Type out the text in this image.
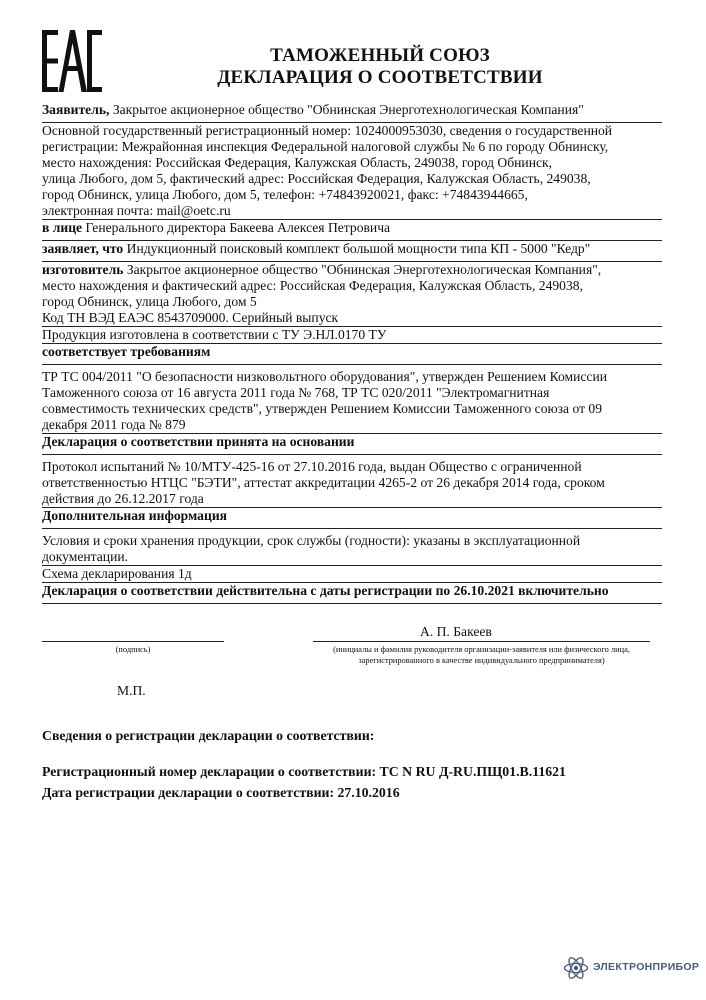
ТАМОЖЕННЫЙ СОЮЗ
ДЕКЛАРАЦИЯ О СООТВЕТСТВИИ

Заявитель, Закрытое акционерное общество "Обнинская Энерготехнологическая Компания"

Основной государственный регистрационный номер: 1024000953030, сведения о государственной

регистрации: Межрайонная инспекция Федеральной налоговой службы № 6 по городу Обнинску,

место нахождения: Российская Федерация, Калужская Область, 249038, город Обнинск,

улица Любого, дом 5, фактический адрес: Российская Федерация, Калужская Область, 249038,

город Обнинск, улица Любого, дом 5, телефон: +74843920021, факс: +74843944665,

электронная почта: mail@oetc.ru

в лице Генерального директора Бакеева Алексея Петровича

заявляет, что Индукционный поисковый комплект большой мощности типа КП - 5000 "Кедр"

изготовитель Закрытое акционерное общество "Обнинская Энерготехнологическая Компания",

место нахождения и фактический адрес: Российская Федерация, Калужская Область, 249038,

город Обнинск, улица Любого, дом 5

Код ТН ВЭД ЕАЭС 8543709000. Серийный выпуск

Продукция изготовлена в соответствии с ТУ Э.НЛ.0170 ТУ

соответствует требованиям

ТР ТС 004/2011 "О безопасности низковольтного оборудования", утвержден Решением Комиссии

Таможенного союза от 16 августа 2011 года № 768, ТР ТС 020/2011 "Электромагнитная

совместимость технических средств", утвержден Решением Комиссии Таможенного союза от 09

декабря 2011 года № 879

Декларация о соответствии принята на основании

Протокол испытаний № 10/МТУ-425-16 от 27.10.2016 года, выдан Общество с ограниченной

ответственностью НТЦС "БЭТИ", аттестат аккредитации 4265-2 от 26 декабря 2014 года, сроком

действия до 26.12.2017 года

Дополнительная информация

Условия и сроки хранения продукции, срок службы (годности): указаны в эксплуатационной

документации.

Схема декларирования 1д

Декларация о соответствии действительна с даты регистрации по 26.10.2021 включительно

А. П. Бакеев
(подпись)	(инициалы и фамилия руководителя организации-заявителя или физического лица,
зарегистрированного в качестве индивидуального предпринимателя)
М.П.
Сведения о регистрации декларации о соответствии:
Регистрационный номер декларации о соответствии: ТС N RU Д-RU.ПЩ01.В.11621
Дата регистрации декларации о соответствии: 27.10.2016
ЭЛЕКТРОНПРИБОР
